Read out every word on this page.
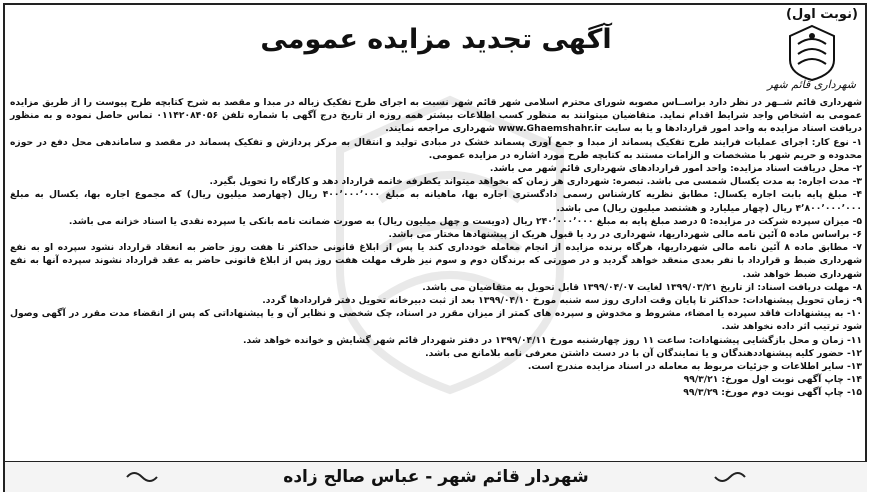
(نوبت اول)
آگهی تجدید مزایده عمومی
شهرداری قائم شهر

شهرداری قائم شــهر در نظر دارد براســاس مصوبه شورای محترم اسلامی شهر قائم شهر نسبت به اجرای طرح تفکیک زباله در مبدا و مقصد به شرح کتابچه طرح پیوست را از طریق مزایده عمومی به اشخاص واجد شرایط اقدام نماید. متقاضیان میتوانند به منظور کسب اطلاعات بیشتر همه روزه از تاریخ درج آگهی با شماره تلفن ۰۱۱۴۲۰۸۴۰۵۶ تماس حاصل نموده و به منظور دریافت اسناد مزایده به واحد امور قراردادها و یا به سایت www.Ghaemshahr.ir شهرداری مراجعه نمایند.

۱- نوع کار: اجرای عملیات فرایند طرح تفکیک پسماند از مبدا و جمع آوری پسماند خشک در مبادی تولید و انتقال به مرکز پردازش و تفکیک پسماند در مقصد و ساماندهی محل دفع در حوزه محدوده و حریم شهر با مشخصات و الزامات مستند به کتابچه طرح مورد اشاره در مزایده عمومی.

۲- محل دریافت اسناد مزایده: واحد امور قراردادهای شهرداری قائم شهر می باشد.

۳- مدت اجاره: به مدت یکسال شمسی می باشد. تبصره: شهرداری هر زمان که بخواهد میتواند یکطرفه خاتمه قرارداد دهد و کارگاه را تحویل بگیرد.

۴- مبلغ پایه بابت اجاره یکسال: مطابق نظریه کارشناس رسمی دادگستری اجاره بها، ماهیانه به مبلغ ۴۰۰٬۰۰۰٬۰۰۰ ریال (چهارصد میلیون ریال) که مجموع اجاره بها، یکسال به مبلغ ۴٬۸۰۰٬۰۰۰٬۰۰۰ ریال (چهار میلیارد و هشتصد میلیون ریال) می باشد.

۵- میزان سپرده شرکت در مزایده: ۵ درصد مبلغ پایه به مبلغ ۲۴۰٬۰۰۰٬۰۰۰ ریال (دویست و چهل میلیون ریال) به صورت ضمانت نامه بانکی یا سپرده نقدی یا اسناد خزانه می باشد.

۶- براساس ماده ۵ آئین نامه مالی شهرداریها، شهرداری در رد یا قبول هریک از پیشنهادها مختار می باشد.

۷- مطابق ماده ۸ آئین نامه مالی شهرداریها، هرگاه برنده مزایده از انجام معامله خودداری کند یا پس از ابلاغ قانونی حداکثر تا هفت روز حاضر به انعقاد قرارداد نشود سپرده او به نفع شهرداری ضبط و قرارداد با نفر بعدی منعقد خواهد گردید و در صورتی که برندگان دوم و سوم نیز ظرف مهلت هفت روز پس از ابلاغ قانونی حاضر به عقد قرارداد نشوند سپرده آنها به نفع شهرداری ضبط خواهد شد.

۸- مهلت دریافت اسناد: از تاریخ ۱۳۹۹/۰۳/۲۱ لغایت ۱۳۹۹/۰۴/۰۷ قابل تحویل به متقاضیان می باشد.

۹- زمان تحویل پیشنهادات: حداکثر تا پایان وقت اداری روز سه شنبه مورخ ۱۳۹۹/۰۴/۱۰ بعد از ثبت دبیرخانه تحویل دفتر قراردادها گردد.

۱۰- به پیشنهادات فاقد سپرده یا امضاء، مشروط و مخدوش و سپرده های کمتر از میزان مقرر در اسناد، چک شخصی و نظایر آن و یا پیشنهاداتی که پس از انقضاء مدت مقرر در آگهی وصول شود ترتیب اثر داده نخواهد شد.

۱۱- زمان و محل بازگشایی پیشنهادات: ساعت ۱۱ روز چهارشنبه مورخ ۱۳۹۹/۰۴/۱۱ در دفتر شهردار قائم شهر گشایش و خوانده خواهد شد.

۱۲- حضور کلیه پیشنهاددهندگان و یا نمایندگان آن با در دست داشتن معرفی نامه بلامانع می باشد.

۱۳- سایر اطلاعات و جزئیات مربوط به معامله در اسناد مزایده مندرج است.

۱۴- چاپ آگهی نوبت اول مورخ: ۹۹/۳/۲۱

۱۵- چاپ آگهی نوبت دوم مورخ: ۹۹/۳/۲۹

شهردار قائم شهر - عباس صالح زاده
